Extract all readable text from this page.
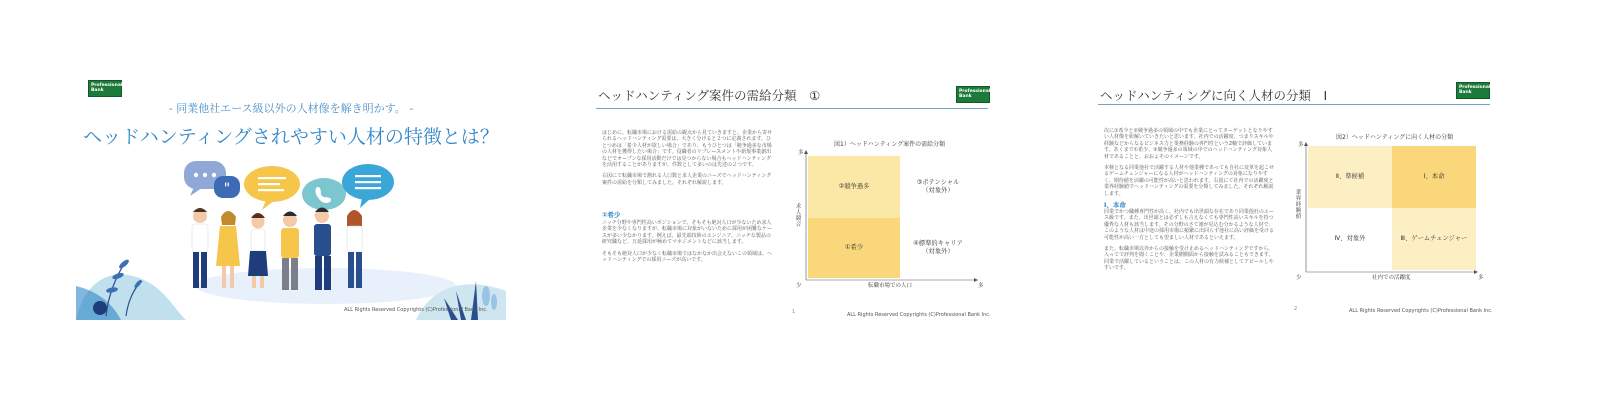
Professional
Bank
- 同業他社エース級以外の人材像を解き明かす。 -
ヘッドハンティングされやすい人材の特徴とは？
"
ALL Rights Reserved Copyrights (C)Professional Bank Inc.
ヘッドハンティング案件の需給分類　①	Professional
Bank

はじめに、転職市場における需給の観点から見ていきますと、企業から寄せられるヘッドハンティング需要は、大きく分けると２つに定義されます。ひとつめは「希少人材が欲しい場合」であり、もうひとつは「競争過多な市場の人材を獲得したい場合」です。役職者のリプレースメントや新規事業創出などでオープンな採用活動だけでは見つからない場合もヘッドハンティングを活用することがありますが、件数として多いのは先述の２つです。

右図にて転職市場で測れる人口数と求人企業のニーズでヘッドハンティング案件の需給を分類してみました。それぞれ解説します。

①希少

ニッチ分野や専門性高いポジションで、そもそも絶対人口が少ないため求人企業を少なくなりますが、転職市場に対象がいないために採用が困難なケースが多い少なかります。例えば、最先端技術のエンジニア、ニッチな製品の研究職など、万延採用が極めてマネジメントなどに該当します。

そもそも絶対人口が少なく転職市場ではなかなか出会えないこの領域は、ヘッドハンティングでの採用ニーズが高いです。

図1）ヘッドハンティング案件の需給分類
②競争過多
③ポテンシャル
（対象外）
①希少
④標準的キャリア
（対象外）
多
求
人
競
合
少	転職市場での人口	多
1	ALL Rights Reserved Copyrights (C)Professional Bank Inc.
ヘッドハンティングに向く人材の分類　Ⅰ
Professional
Bank

次に①希少と②競争過多の領域の中でも企業にとってターゲットとなりやすい人材像を紐解いていきたいと思います。社内での活躍度、つまりスキルや経験などからなるビジネス力と業務経験の専門性という2軸で評価しています。あくまで①希少、②競争過多の領域の中でのヘッドハンティング対象人材であることと、おおよそのイメージです。

本検となる同業他社で活躍する人材や他業種であっても自社に変革を起こせるゲームチェンジャーになる人材がヘッドハンティングの対象になりやすく、期待値を活躍の可能性が高いと思われます。右図にて社内での活躍度と業界経験値でヘッドハンティングの需要を分類してみました。それぞれ解説します。

Ⅰ、本命

同業でかつ職種専門性が高く、社内でも出世頭な存在であり同業他社のエース級です。また、出世頭とは必ずしも言えなくても専門性高いスキルを持つ優秀な人材も該当します。その分野のさて誰が見込む分かるような人材で、このような人材は中途の採用市場に頻繁に出回らず他社に高い評価を受ける可能性が高い一方としても望ましい人材であるといえます。

また、転職市場以外からの接触を受け止めるヘッドハンティングですから、入ってで評判を聞くことや、企業側側面から接触を試みることもできます。同業で活躍しているということは、この人材の有力候補としてアピールしやすいです。

図2）ヘッドハンティングに向く人材の分類
Ⅱ、準候補	Ⅰ、本命
Ⅳ、対象外	Ⅲ、ゲームチェンジャー
多
業
界
経
験
値
少	社内での活躍度	多
2	ALL Rights Reserved Copyrights (C)Professional Bank Inc.
